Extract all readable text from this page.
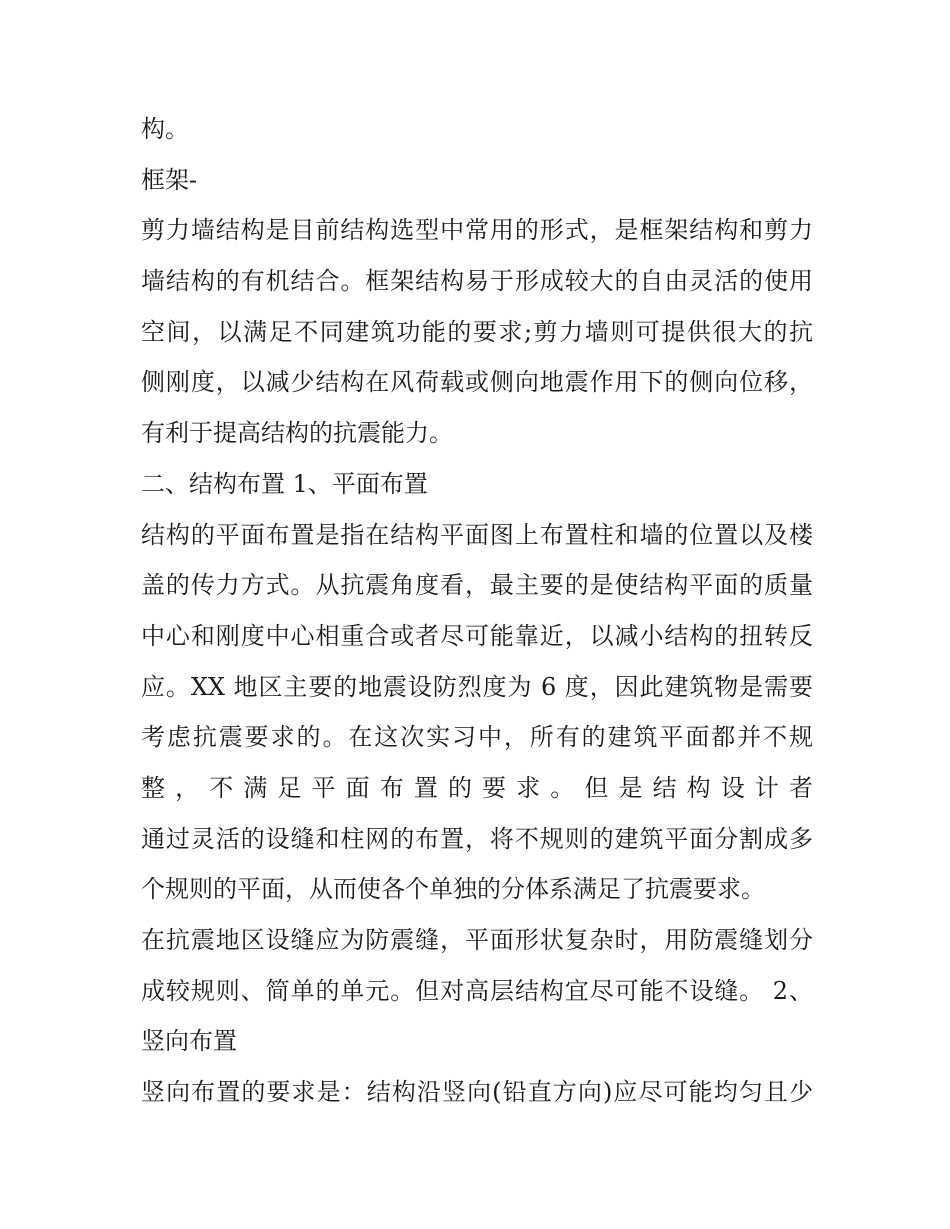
构。
框架-
剪力墙结构是目前结构选型中常用的形式，是框架结构和剪力
墙结构的有机结合。框架结构易于形成较大的自由灵活的使用
空间，以满足不同建筑功能的要求;剪力墙则可提供很大的抗
侧刚度，以减少结构在风荷载或侧向地震作用下的侧向位移，
有利于提高结构的抗震能力。
二、结构布置 1、平面布置
结构的平面布置是指在结构平面图上布置柱和墙的位置以及楼
盖的传力方式。从抗震角度看，最主要的是使结构平面的质量
中心和刚度中心相重合或者尽可能靠近，以减小结构的扭转反
应。XX 地区主要的地震设防烈度为 6 度，因此建筑物是需要
考虑抗震要求的。在这次实习中，所有的建筑平面都并不规
整，不满足平面布置的要求。但是结构设计者
通过灵活的设缝和柱网的布置，将不规则的建筑平面分割成多
个规则的平面，从而使各个单独的分体系满足了抗震要求。
在抗震地区设缝应为防震缝，平面形状复杂时，用防震缝划分
成较规则、简单的单元。但对高层结构宜尽可能不设缝。 2、
竖向布置
竖向布置的要求是：结构沿竖向(铅直方向)应尽可能均匀且少
